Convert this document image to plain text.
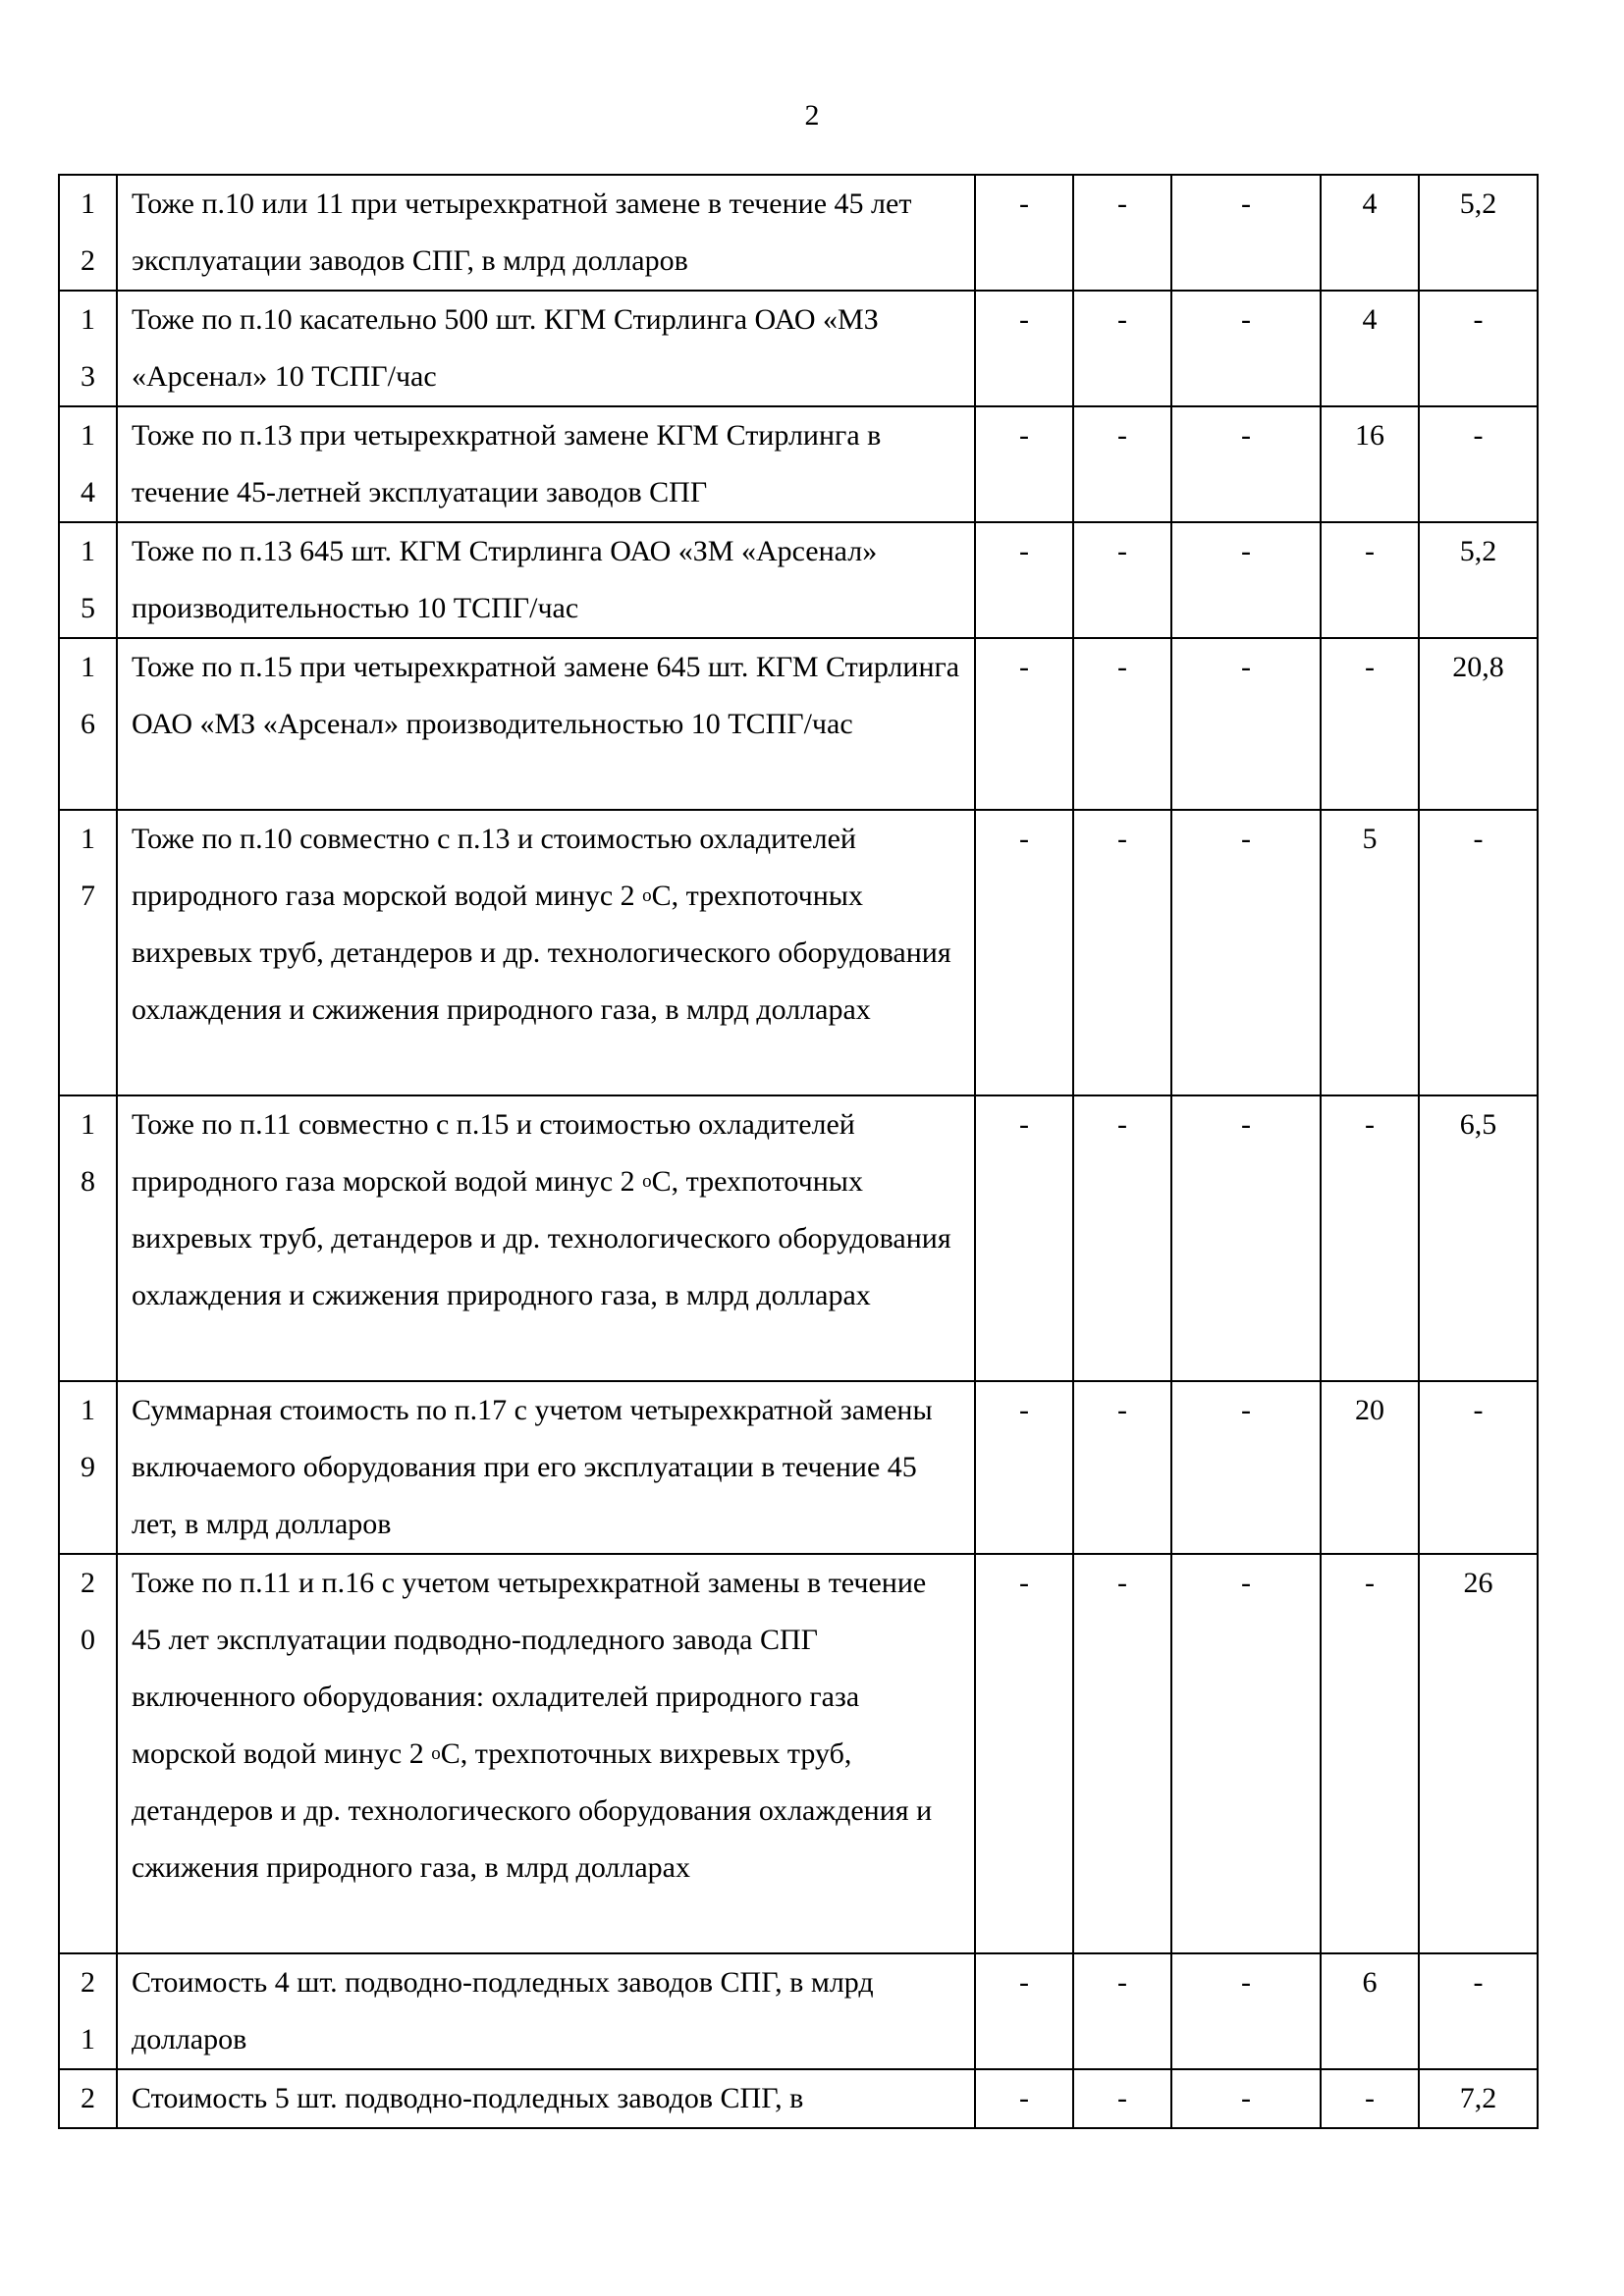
2
12	Тоже п.10 или 11 при четырехкратной замене в течение 45 лет эксплуатации заводов СПГ, в млрд долларов	-	-	-	4	5,2
13	Тоже по п.10 касательно 500 шт. КГМ Стирлинга ОАО «МЗ «Арсенал» 10 ТСПГ/час	-	-	-	4	-
14	Тоже по п.13 при четырехкратной замене КГМ Стирлинга в течение 45-летней эксплуатации заводов СПГ	-	-	-	16	-
15	Тоже по п.13 645 шт. КГМ Стирлинга ОАО «ЗМ «Арсенал» производительностью 10 ТСПГ/час	-	-	-	-	5,2
16	Тоже по п.15 при четырехкратной замене 645 шт. КГМ Стирлинга ОАО «МЗ «Арсенал» производительностью 10 ТСПГ/час	-	-	-	-	20,8
17	Тоже по п.10 совместно с п.13 и стоимостью охладителей природного газа морской водой минус 2 $^o$С, трехпоточных вихревых труб, детандеров и др. технологического оборудования охлаждения и сжижения природного газа, в млрд долларах	-	-	-	5	-
18	Тоже по п.11 совместно с п.15 и стоимостью охладителей природного газа морской водой минус 2 $^o$С, трехпоточных вихревых труб, детандеров и др. технологического оборудования охлаждения и сжижения природного газа, в млрд долларах	-	-	-	-	6,5
19	Суммарная стоимость по п.17 с учетом четырехкратной замены включаемого оборудования при его эксплуатации в течение 45 лет, в млрд долларов	-	-	-	20	-
20	Тоже по п.11 и п.16 с учетом четырехкратной замены в течение 45 лет эксплуатации подводно-подледного завода СПГ включенного оборудования: охладителей природного газа морской водой минус 2 $^o$С, трехпоточных вихревых труб, детандеров и др. технологического оборудования охлаждения и сжижения природного газа, в млрд долларах	-	-	-	-	26
21	Стоимость 4 шт. подводно-подледных заводов СПГ, в млрд долларов	-	-	-	6	-
2	Стоимость 5 шт. подводно-подледных заводов СПГ, в	-	-	-	-	7,2
